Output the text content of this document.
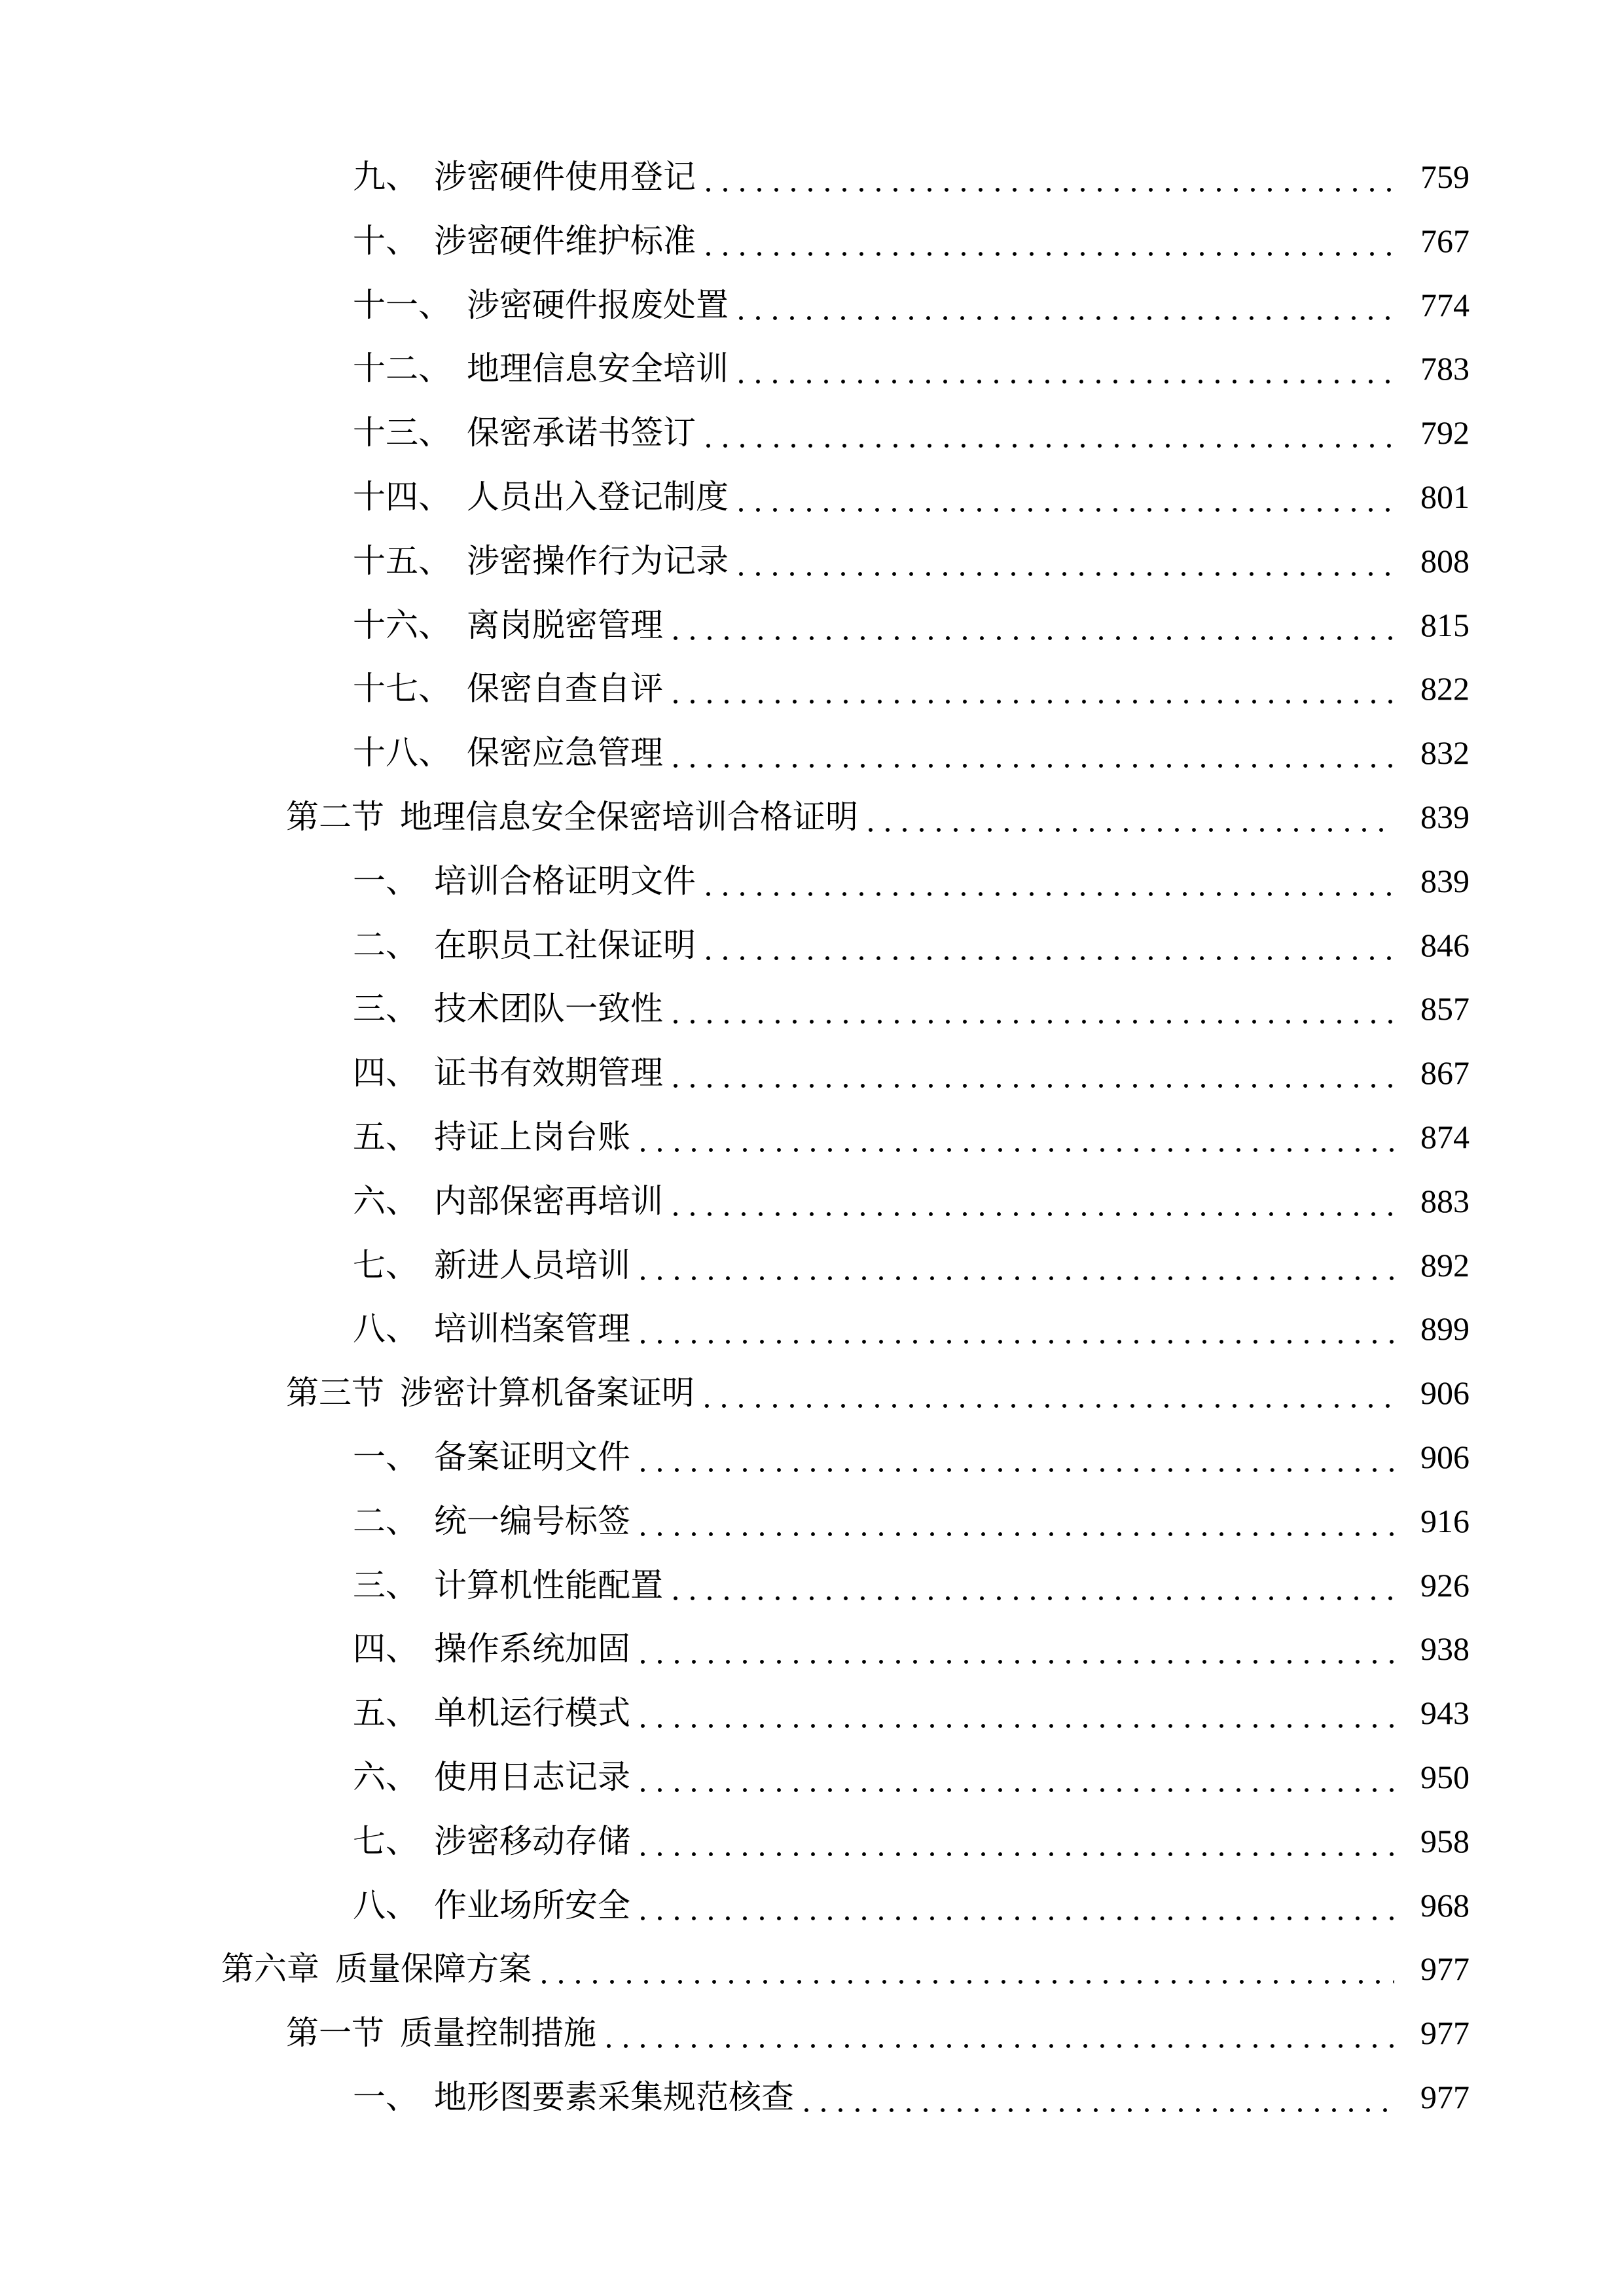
九、 涉密硬件使用登记	759
十、 涉密硬件维护标准	767
十一、 涉密硬件报废处置	774
十二、 地理信息安全培训	783
十三、 保密承诺书签订	792
十四、 人员出入登记制度	801
十五、 涉密操作行为记录	808
十六、 离岗脱密管理	815
十七、 保密自查自评	822
十八、 保密应急管理	832
第二节 地理信息安全保密培训合格证明	839
一、 培训合格证明文件	839
二、 在职员工社保证明	846
三、 技术团队一致性	857
四、 证书有效期管理	867
五、 持证上岗台账	874
六、 内部保密再培训	883
七、 新进人员培训	892
八、 培训档案管理	899
第三节 涉密计算机备案证明	906
一、 备案证明文件	906
二、 统一编号标签	916
三、 计算机性能配置	926
四、 操作系统加固	938
五、 单机运行模式	943
六、 使用日志记录	950
七、 涉密移动存储	958
八、 作业场所安全	968
第六章 质量保障方案	977
第一节 质量控制措施	977
一、 地形图要素采集规范核查	977
